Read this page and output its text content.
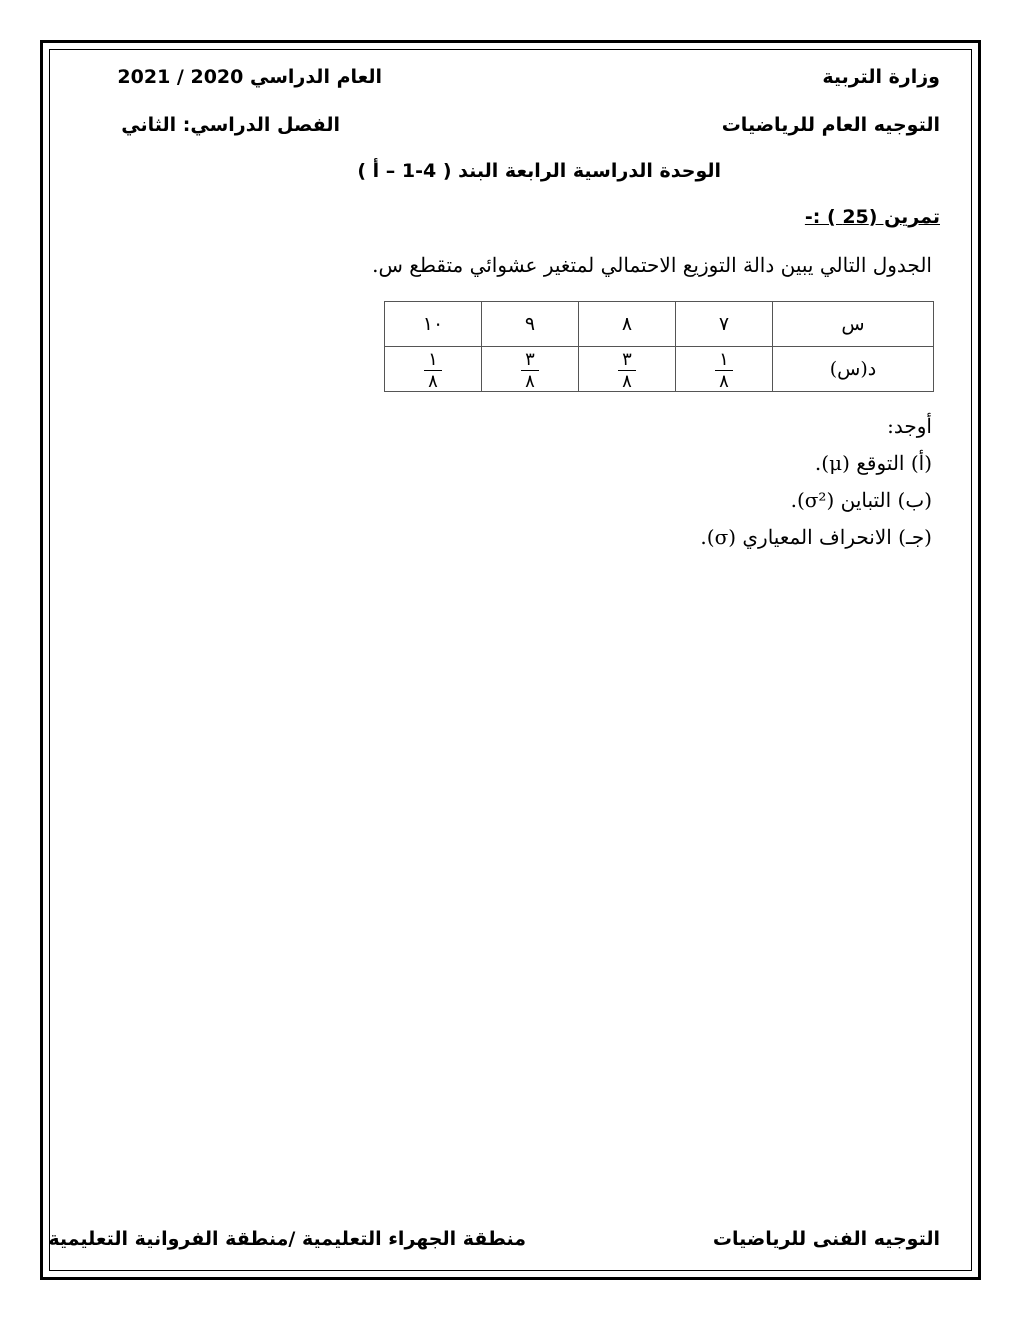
وزارة التربية
العام الدراسي 2020 / 2021
التوجيه العام للرياضيات
الفصل الدراسي: الثاني
الوحدة الدراسية الرابعة البند ( 4-1 – أ )
تمرين (25 ) :-
الجدول التالي يبين دالة التوزيع الاحتمالي لمتغير عشوائي متقطع س.
س	٧	٨	٩	١٠
د(س)	$\frac{١}{٨}$	$\frac{٣}{٨}$	$\frac{٣}{٨}$	$\frac{١}{٨}$
أوجد:
(أ) التوقع (μ).
(ب) التباين (σ²).
(جـ) الانحراف المعياري (σ).
التوجيه الفنى للرياضيات
منطقة الجهراء التعليمية /منطقة الفروانية التعليمية
